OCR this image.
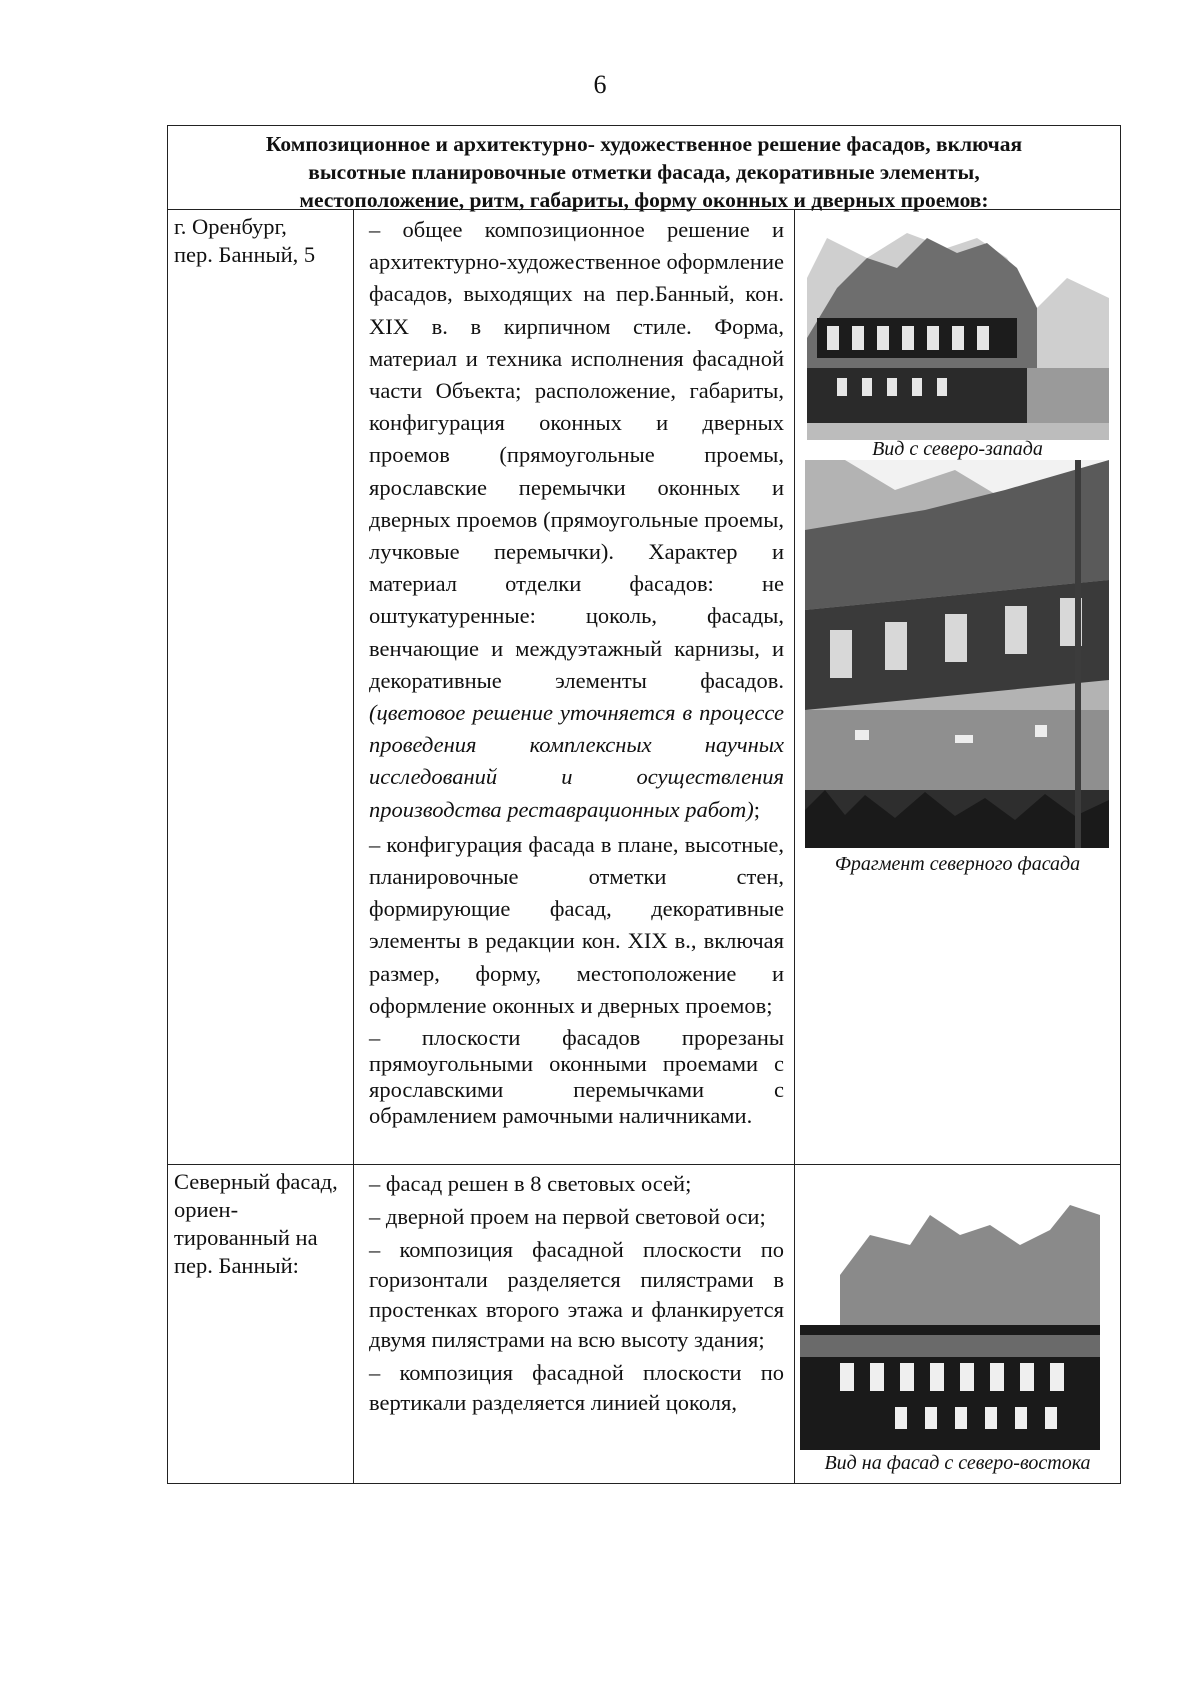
6
Композиционное и архитектурно- художественное решение фасадов, включая
высотные планировочные отметки фасада, декоративные элементы,
местоположение, ритм, габариты, форму оконных и дверных проемов:
г. Оренбург,
пер. Банный, 5

– общее композиционное решение и архитектурно-художественное оформление фасадов, выходящих на пер.Банный, кон. XIX в. в кирпичном стиле. Форма, материал и техника исполнения фасадной части Объекта; расположение, габариты, конфигурация оконных и дверных проемов (прямоугольные проемы, ярославские перемычки оконных и дверных проемов (прямоугольные проемы, лучковые перемычки). Характер и материал отделки фасадов: не оштукатуренные: цоколь, фасады, венчающие и междуэтажный карнизы, и декоративные элементы фасадов. (цветовое решение уточняется в процессе проведения комплексных научных исследований и осуществления производства реставрационных работ);

– конфигурация фасада в плане, высотные, планировочные отметки стен, формирующие фасад, декоративные элементы в редакции кон. XIX в., включая размер, форму, местоположение и оформление оконных и дверных проемов;

– плоскости фасадов прорезаны прямоугольными оконными проемами с ярославскими перемычками с обрамлением рамочными наличниками.

Вид с северо-запада
Фрагмент северного фасада
Северный фасад, ориен-тированный на пер. Банный:

– фасад решен в 8 световых осей;

– дверной проем на первой световой оси;

– композиция фасадной плоскости по горизонтали разделяется пилястрами в простенках второго этажа и фланкируется двумя пилястрами на всю высоту здания;

– композиция фасадной плоскости по вертикали разделяется линией цоколя,

Вид на фасад с северо-востока
